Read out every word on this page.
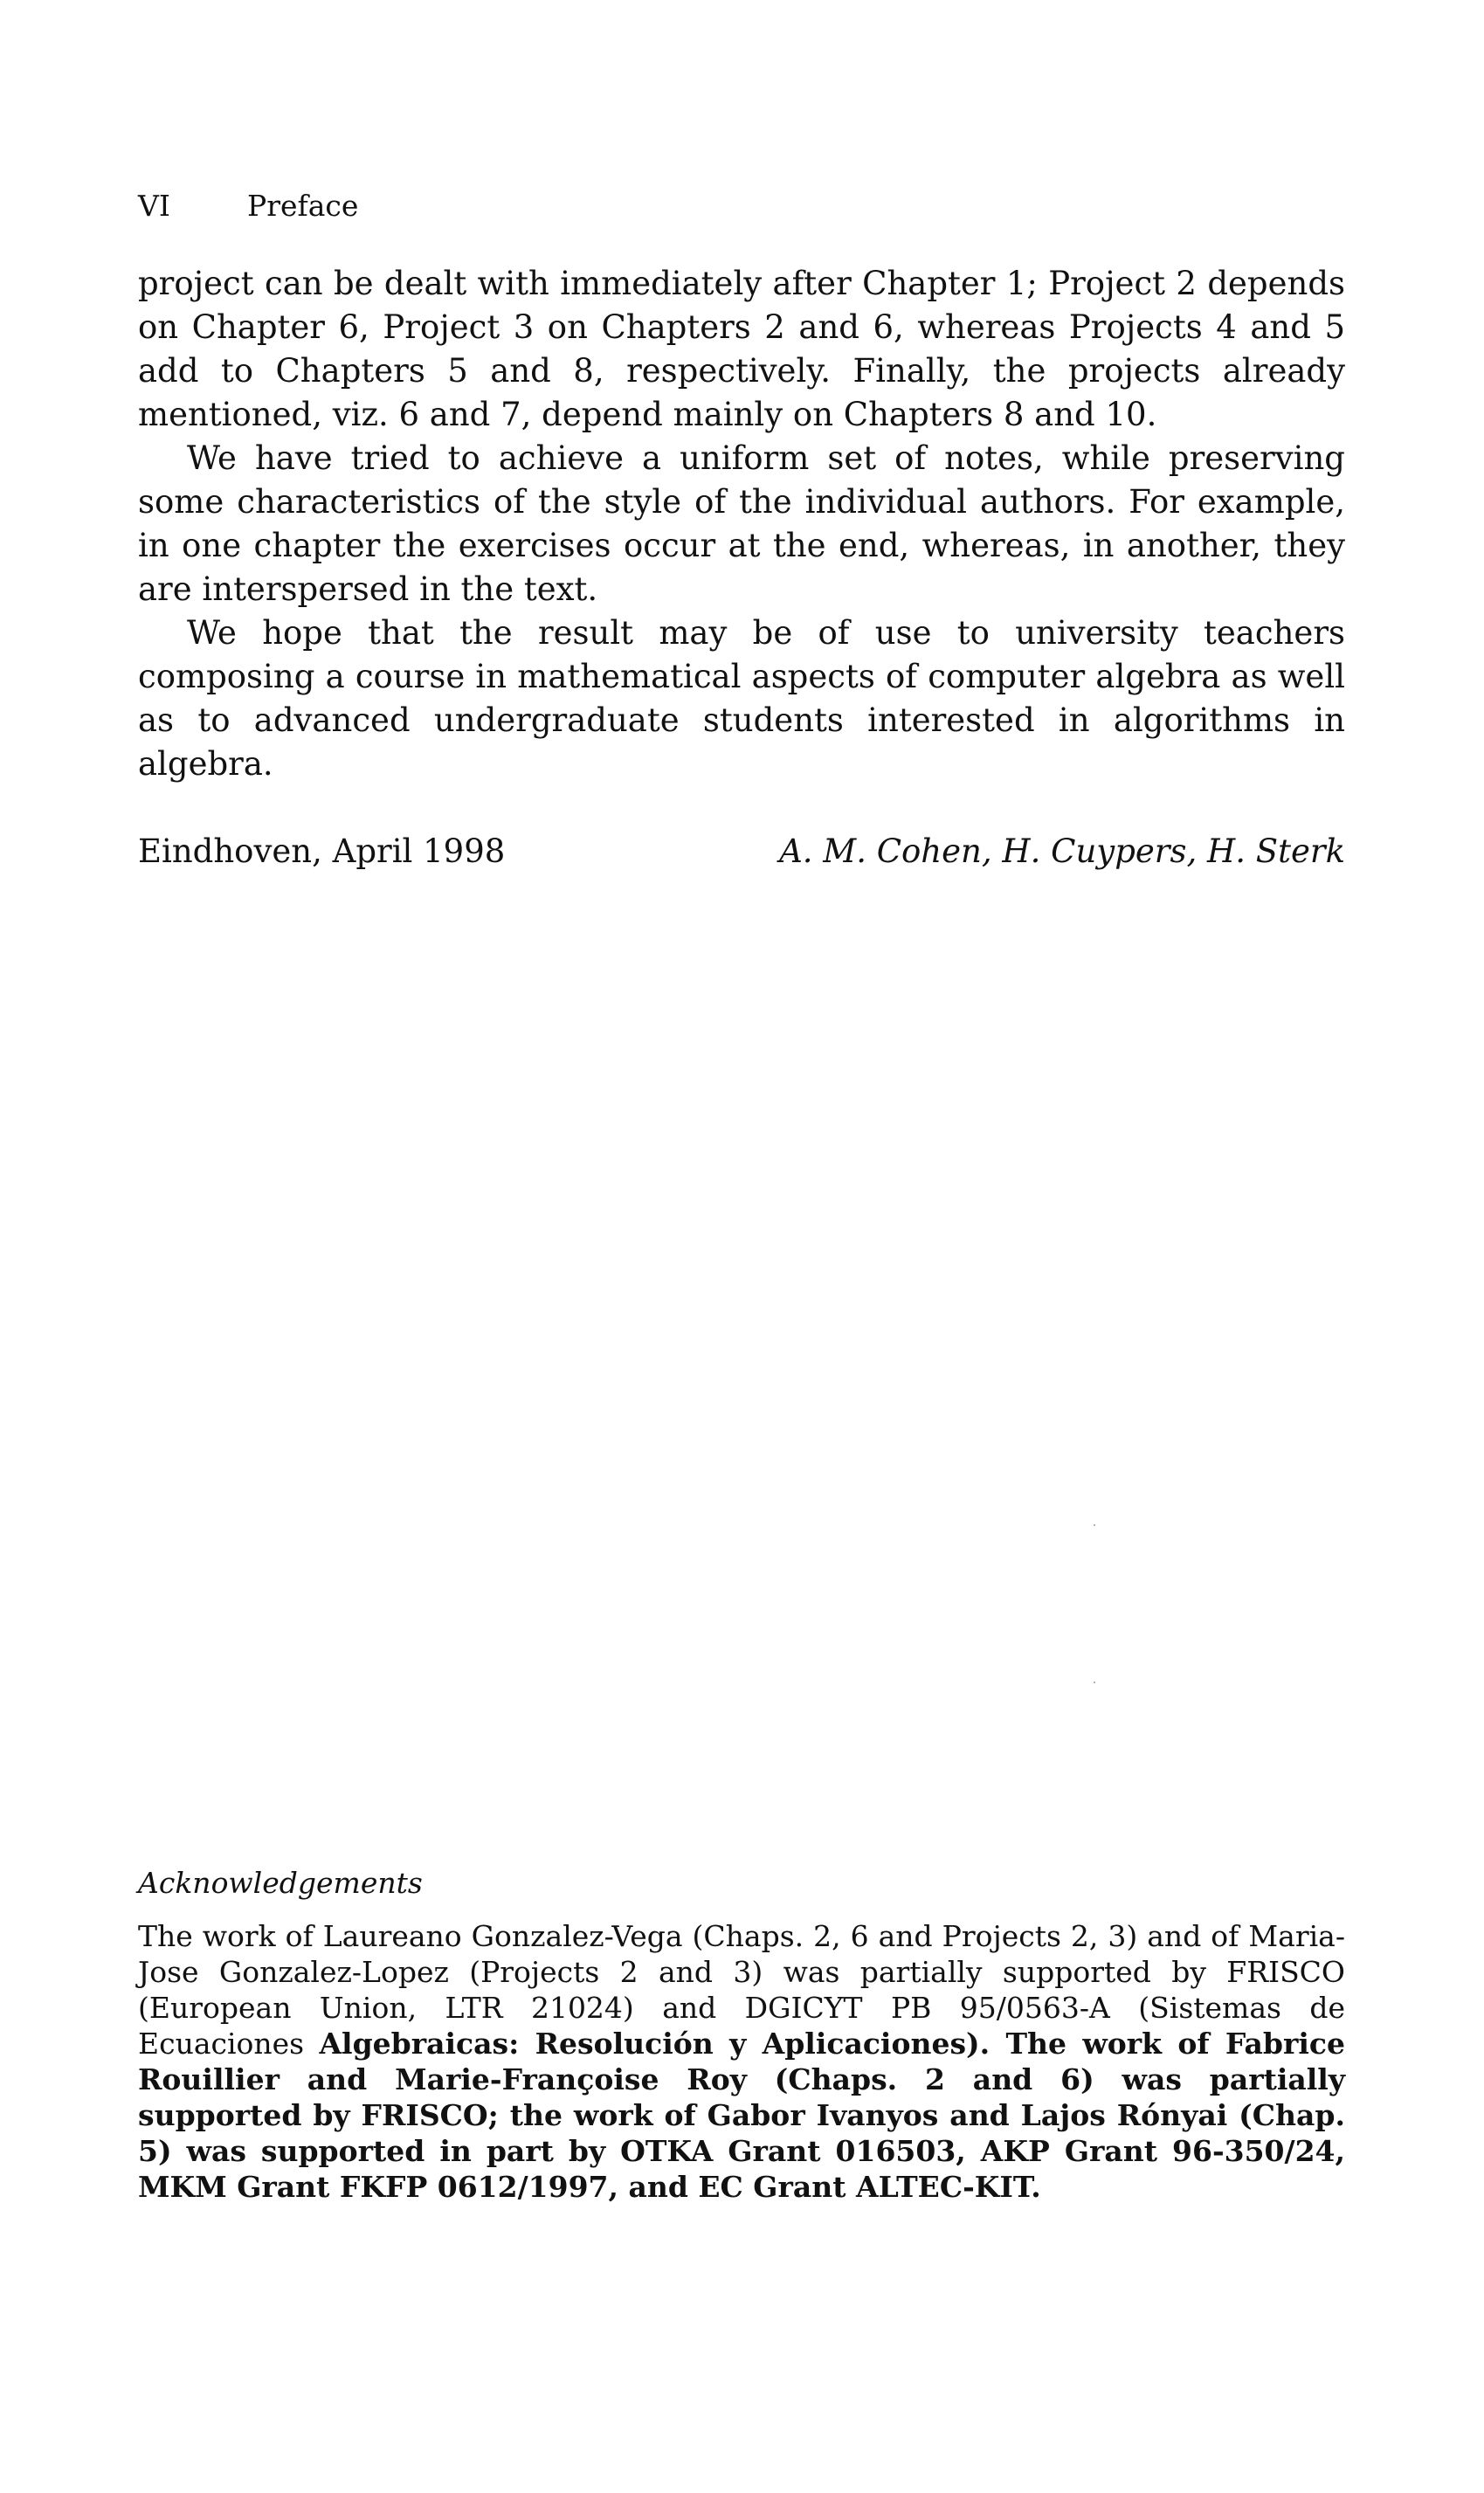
VI	Preface

project can be dealt with immediately after Chapter 1; Project 2 depends on Chapter 6, Project 3 on Chapters 2 and 6, whereas Projects 4 and 5 add to Chapters 5 and 8, respectively. Finally, the projects already mentioned, viz. 6 and 7, depend mainly on Chapters 8 and 10.

We have tried to achieve a uniform set of notes, while preserving some characteristics of the style of the individual authors. For example, in one chapter the exercises occur at the end, whereas, in another, they are interspersed in the text.

We hope that the result may be of use to university teachers composing a course in mathematical aspects of computer algebra as well as to advanced undergraduate students interested in algorithms in algebra.

Eindhoven, April 1998	A. M. Cohen, H. Cuypers, H. Sterk
Acknowledgements

The work of Laureano Gonzalez-Vega (Chaps. 2, 6 and Projects 2, 3) and of Maria-Jose Gonzalez-Lopez (Projects 2 and 3) was partially supported by FRISCO (European Union, LTR 21024) and DGICYT PB 95/0563-A (Sistemas de Ecuaciones Algebraicas: Resolución y Aplicaciones). The work of Fabrice Rouillier and Marie-Françoise Roy (Chaps. 2 and 6) was partially supported by FRISCO; the work of Gabor Ivanyos and Lajos Rónyai (Chap. 5) was supported in part by OTKA Grant 016503, AKP Grant 96-350/24, MKM Grant FKFP 0612/1997, and EC Grant ALTEC-KIT.
